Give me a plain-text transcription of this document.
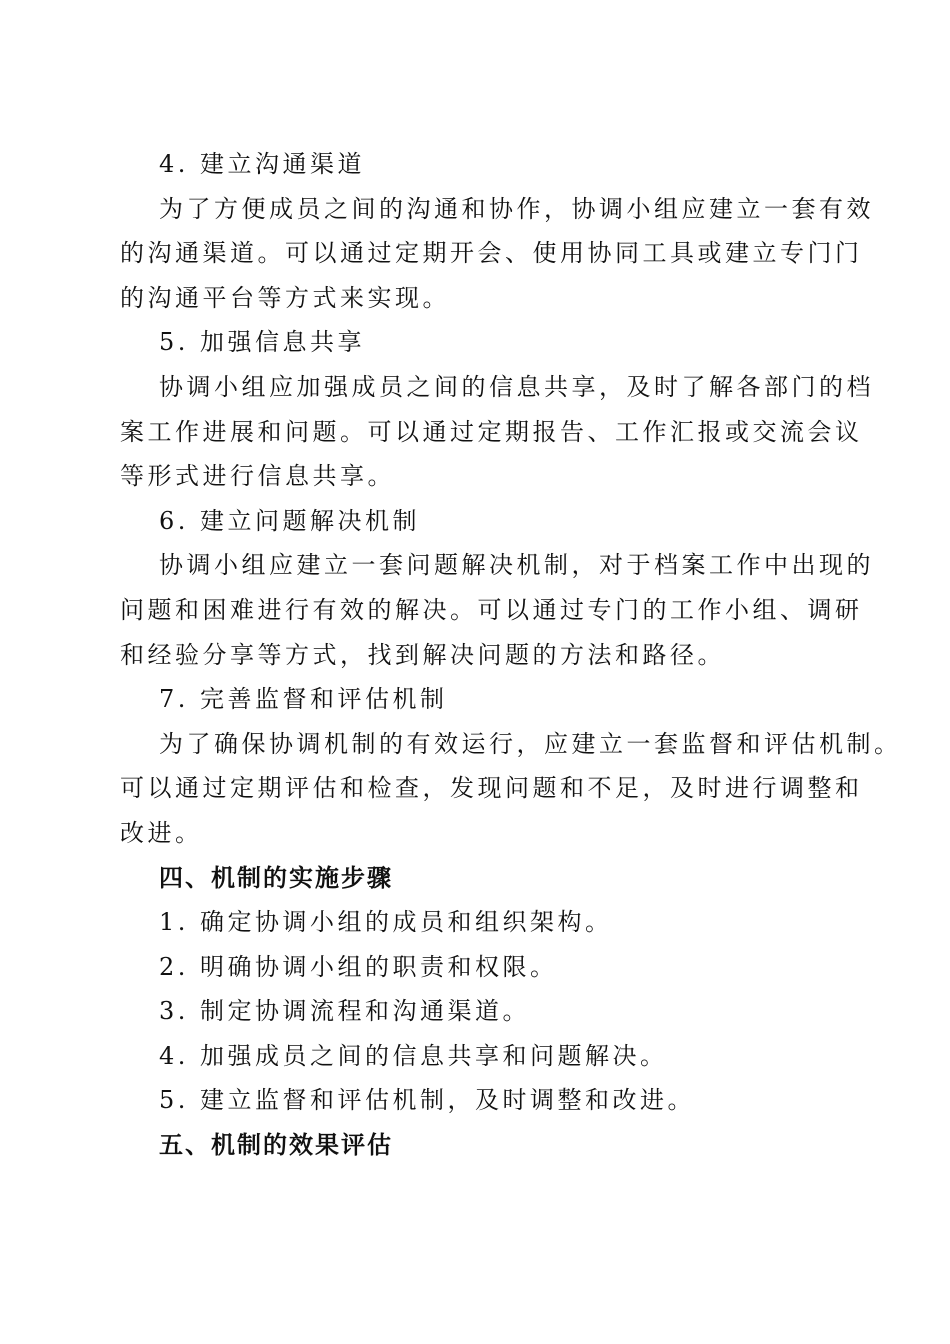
4. 建立沟通渠道
为了方便成员之间的沟通和协作，协调小组应建立一套有效
的沟通渠道。可以通过定期开会、使用协同工具或建立专门门
的沟通平台等方式来实现。
5. 加强信息共享
协调小组应加强成员之间的信息共享，及时了解各部门的档
案工作进展和问题。可以通过定期报告、工作汇报或交流会议
等形式进行信息共享。
6. 建立问题解决机制
协调小组应建立一套问题解决机制，对于档案工作中出现的
问题和困难进行有效的解决。可以通过专门的工作小组、调研
和经验分享等方式，找到解决问题的方法和路径。
7. 完善监督和评估机制
为了确保协调机制的有效运行，应建立一套监督和评估机制。
可以通过定期评估和检查，发现问题和不足，及时进行调整和
改进。
四、机制的实施步骤
1. 确定协调小组的成员和组织架构。
2. 明确协调小组的职责和权限。
3. 制定协调流程和沟通渠道。
4. 加强成员之间的信息共享和问题解决。
5. 建立监督和评估机制，及时调整和改进。
五、机制的效果评估
